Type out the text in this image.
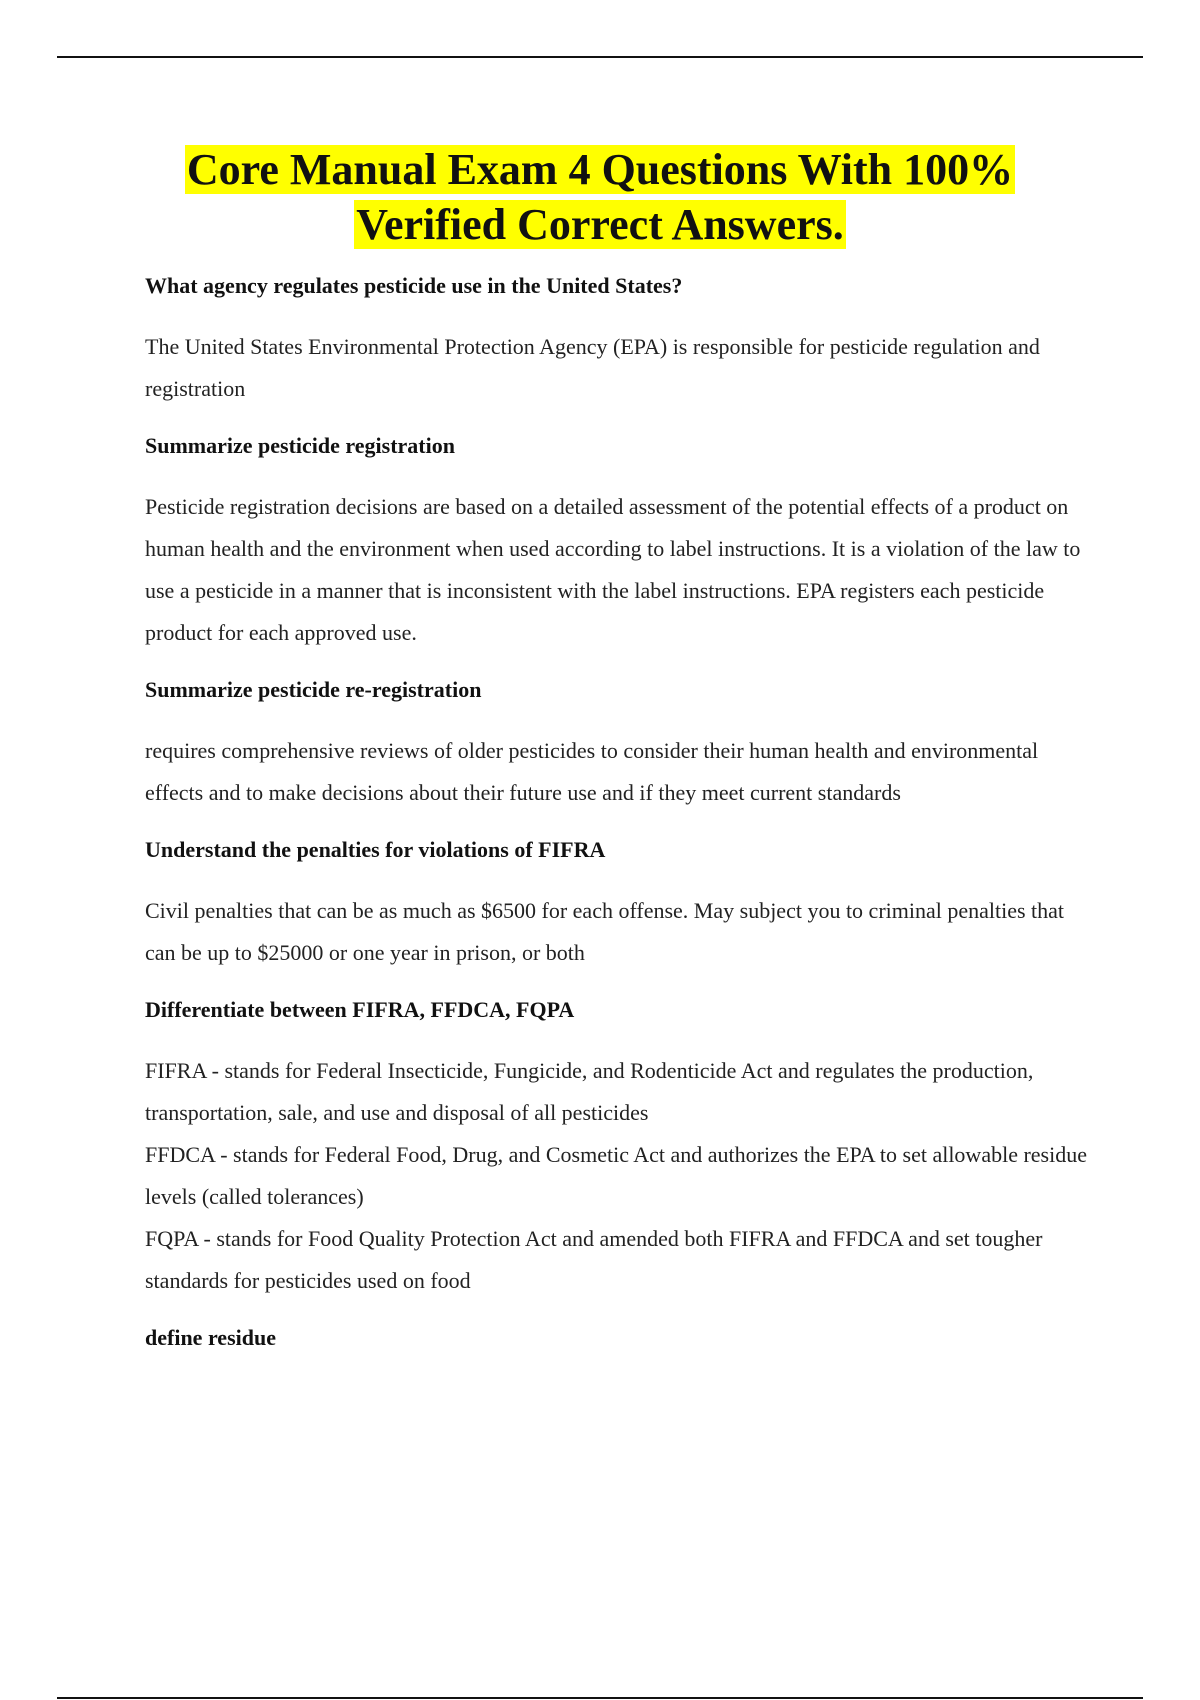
Core Manual Exam 4 Questions With 100%
Verified Correct Answers.

What agency regulates pesticide use in the United States?

The United States Environmental Protection Agency (EPA) is responsible for pesticide regulation and registration

Summarize pesticide registration

Pesticide registration decisions are based on a detailed assessment of the potential effects of a product on human health and the environment when used according to label instructions. It is a violation of the law to use a pesticide in a manner that is inconsistent with the label instructions. EPA registers each pesticide product for each approved use.

Summarize pesticide re-registration

requires comprehensive reviews of older pesticides to consider their human health and environmental effects and to make decisions about their future use and if they meet current standards

Understand the penalties for violations of FIFRA

Civil penalties that can be as much as $6500 for each offense. May subject you to criminal penalties that can be up to $25000 or one year in prison, or both

Differentiate between FIFRA, FFDCA, FQPA

FIFRA - stands for Federal Insecticide, Fungicide, and Rodenticide Act and regulates the production, transportation, sale, and use and disposal of all pesticides
FFDCA - stands for Federal Food, Drug, and Cosmetic Act and authorizes the EPA to set allowable residue levels (called tolerances)
FQPA - stands for Food Quality Protection Act and amended both FIFRA and FFDCA and set tougher standards for pesticides used on food

define residue
